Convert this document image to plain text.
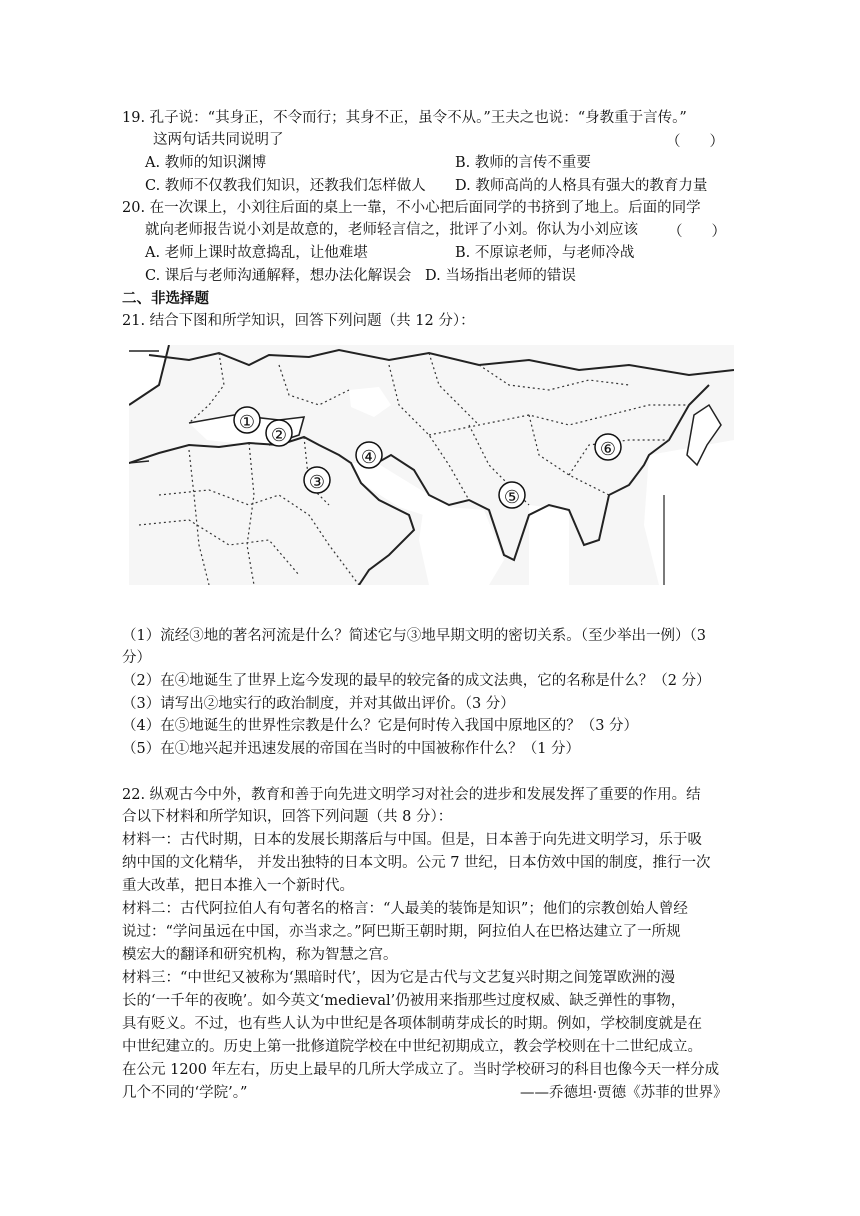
19. 孔子说：“其身正，不令而行；其身不正，虽令不从。”王夫之也说：“身教重于言传。”
这两句话共同说明了	（　　）
A. 教师的知识渊博	B. 教师的言传不重要
C. 教师不仅教我们知识，还教我们怎样做人 D. 教师高尚的人格具有强大的教育力量
20. 在一次课上，小刘往后面的桌上一靠，不小心把后面同学的书挤到了地上。后面的同学
就向老师报告说小刘是故意的，老师轻言信之，批评了小刘。你认为小刘应该 （　　）
A. 老师上课时故意捣乱，让他难堪	B. 不原谅老师，与老师冷战
C. 课后与老师沟通解释，想办法化解误会 D. 当场指出老师的错误
二、非选择题
21. 结合下图和所学知识，回答下列问题（共 12 分）：
①
②
③
④
⑤
⑥
（1）流经③地的著名河流是什么？简述它与③地早期文明的密切关系。（至少举出一例）（3
分）
（2）在④地诞生了世界上迄今发现的最早的较完备的成文法典，它的名称是什么？（2 分）
（3）请写出②地实行的政治制度，并对其做出评价。（3 分）
（4）在⑤地诞生的世界性宗教是什么？它是何时传入我国中原地区的？（3 分）
（5）在①地兴起并迅速发展的帝国在当时的中国被称作什么？（1 分）
22. 纵观古今中外，教育和善于向先进文明学习对社会的进步和发展发挥了重要的作用。结
合以下材料和所学知识，回答下列问题（共 8 分）：
材料一：古代时期，日本的发展长期落后与中国。但是，日本善于向先进文明学习，乐于吸
纳中国的文化精华， 并发出独特的日本文明。公元 7 世纪，日本仿效中国的制度，推行一次
重大改革，把日本推入一个新时代。
材料二：古代阿拉伯人有句著名的格言：“人最美的装饰是知识”；他们的宗教创始人曾经
说过：“学问虽远在中国，亦当求之。”阿巴斯王朝时期，阿拉伯人在巴格达建立了一所规
模宏大的翻译和研究机构，称为智慧之宫。
材料三：“中世纪又被称为‘黑暗时代’，因为它是古代与文艺复兴时期之间笼罩欧洲的漫
长的‘一千年的夜晚’。如今英文‘medieval’仍被用来指那些过度权威、缺乏弹性的事物，
具有贬义。不过，也有些人认为中世纪是各项体制萌芽成长的时期。例如，学校制度就是在
中世纪建立的。历史上第一批修道院学校在中世纪初期成立，教会学校则在十二世纪成立。
在公元 1200 年左右，历史上最早的几所大学成立了。当时学校研习的科目也像今天一样分成
几个不同的‘学院’。”	——乔德坦·贾德《苏菲的世界》
